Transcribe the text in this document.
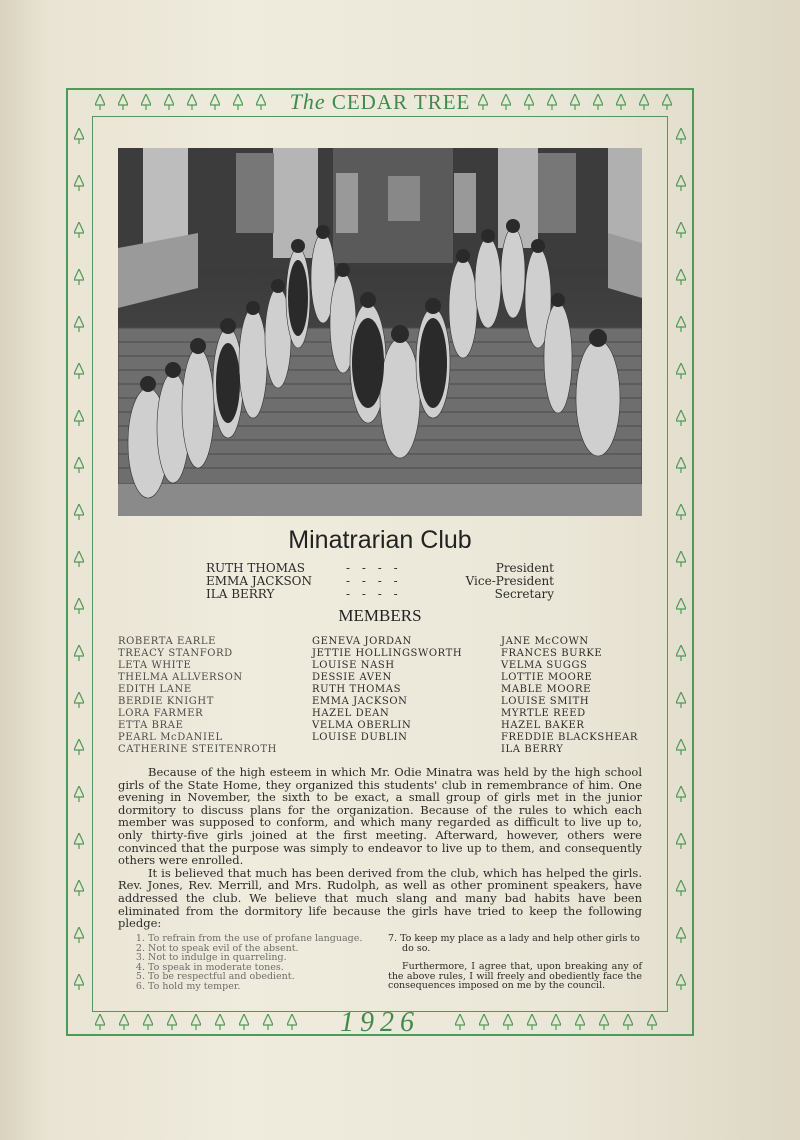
The CEDAR TREE
Minatrarian Club
RUTH THOMAS	- - - -	President
EMMA JACKSON	- - - -	Vice-President
ILA BERRY	- - - -	Secretary
MEMBERS
ROBERTA EARLE
TREACY STANFORD
LETA WHITE
THELMA ALLVERSON
EDITH LANE
BERDIE KNIGHT
LORA FARMER
ETTA BRAE
PEARL McDANIEL
CATHERINE STEITENROTH
GENEVA JORDAN
JETTIE HOLLINGSWORTH
LOUISE NASH
DESSIE AVEN
RUTH THOMAS
EMMA JACKSON
HAZEL DEAN
VELMA OBERLIN
LOUISE DUBLIN
JANE McCOWN
FRANCES BURKE
VELMA SUGGS
LOTTIE MOORE
MABLE MOORE
LOUISE SMITH
MYRTLE REED
HAZEL BAKER
FREDDIE BLACKSHEAR
ILA BERRY

Because of the high esteem in which Mr. Odie Minatra was held by the high school girls of the State Home, they organized this students' club in remembrance of him. One evening in November, the sixth to be exact, a small group of girls met in the junior dormitory to discuss plans for the organization. Because of the rules to which each member was supposed to conform, and which many regarded as difficult to live up to, only thirty-five girls joined at the first meeting. Afterward, however, others were convinced that the purpose was simply to endeavor to live up to them, and consequently others were enrolled.

It is believed that much has been derived from the club, which has helped the girls. Rev. Jones, Rev. Merrill, and Mrs. Rudolph, as well as other prominent speakers, have addressed the club. We believe that much slang and many bad habits have been eliminated from the dormitory life because the girls have tried to keep the following pledge:

1. To refrain from the use of profane language.
2. Not to speak evil of the absent.
3. Not to indulge in quarreling.
4. To speak in moderate tones.
5. To be respectful and obedient.
6. To hold my temper.
7. To keep my place as a lady and help other girls to do so.
Furthermore, I agree that, upon breaking any of the above rules, I will freely and obediently face the consequences imposed on me by the council.
1926
